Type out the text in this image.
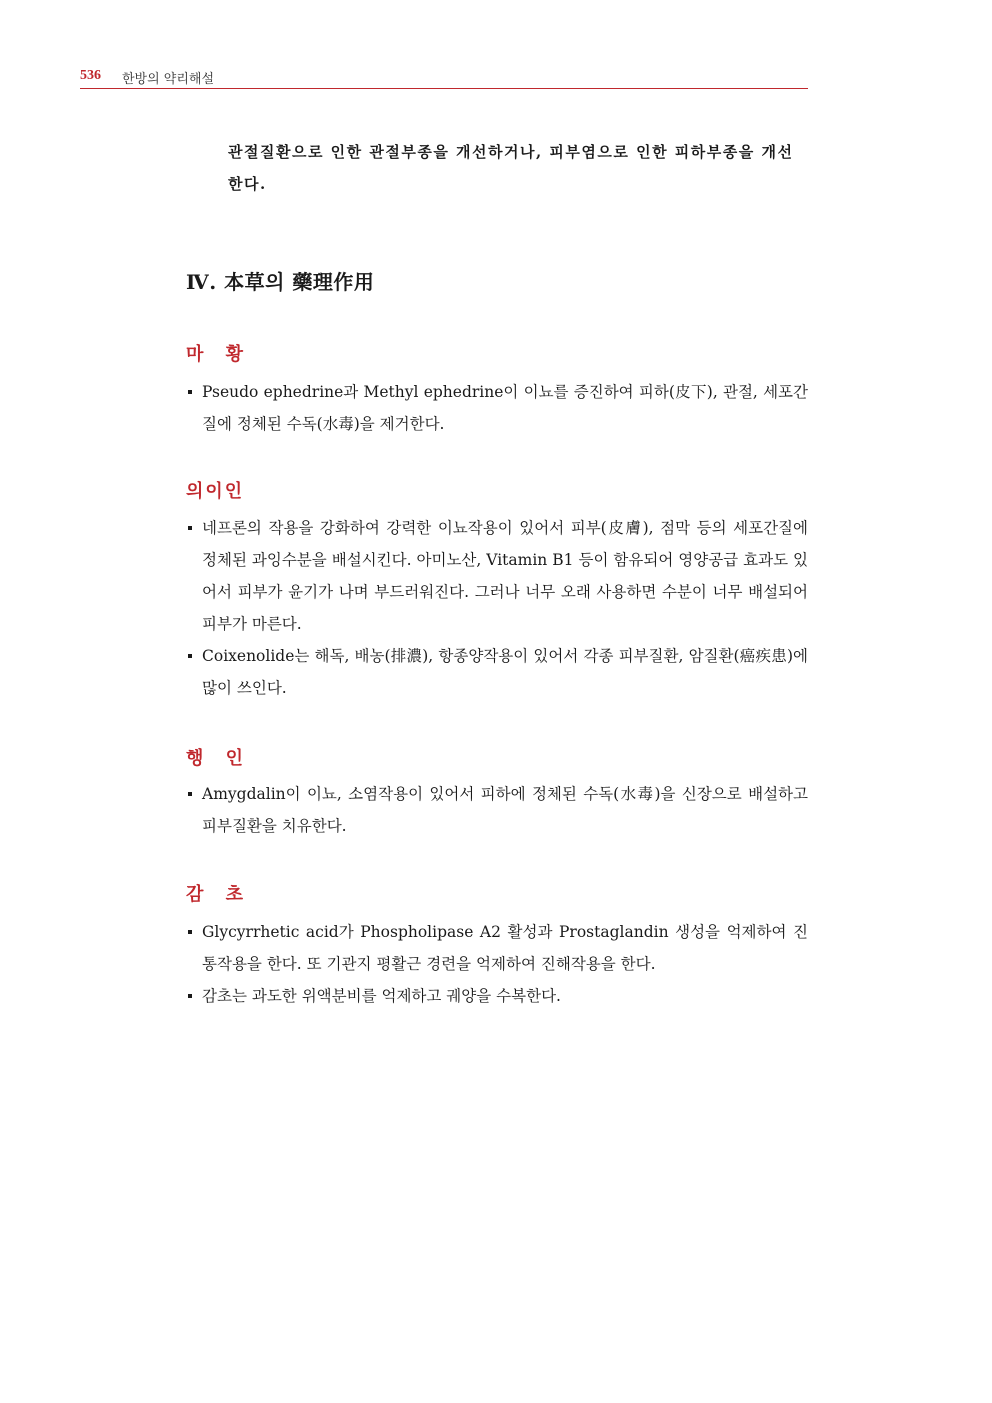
536 한방의 약리해설
관절질환으로 인한 관절부종을 개선하거나, 피부염으로 인한 피하부종을 개선한다.
Ⅳ. 本草의 藥理作用
마 황
Pseudo ephedrine과 Methyl ephedrine이 이뇨를 증진하여 피하(皮下), 관절, 세포간질에 정체된 수독(水毒)을 제거한다.
의이인
네프론의 작용을 강화하여 강력한 이뇨작용이 있어서 피부(皮膚), 점막 등의 세포간질에 정체된 과잉수분을 배설시킨다. 아미노산, Vitamin B1 등이 함유되어 영양공급 효과도 있어서 피부가 윤기가 나며 부드러워진다. 그러나 너무 오래 사용하면 수분이 너무 배설되어 피부가 마른다.
Coixenolide는 해독, 배농(排濃), 항종양작용이 있어서 각종 피부질환, 암질환(癌疾患)에 많이 쓰인다.
행 인
Amygdalin이 이뇨, 소염작용이 있어서 피하에 정체된 수독(水毒)을 신장으로 배설하고 피부질환을 치유한다.
감 초
Glycyrrhetic acid가 Phospholipase A2 활성과 Prostaglandin 생성을 억제하여 진통작용을 한다. 또 기관지 평활근 경련을 억제하여 진해작용을 한다.
감초는 과도한 위액분비를 억제하고 궤양을 수복한다.
